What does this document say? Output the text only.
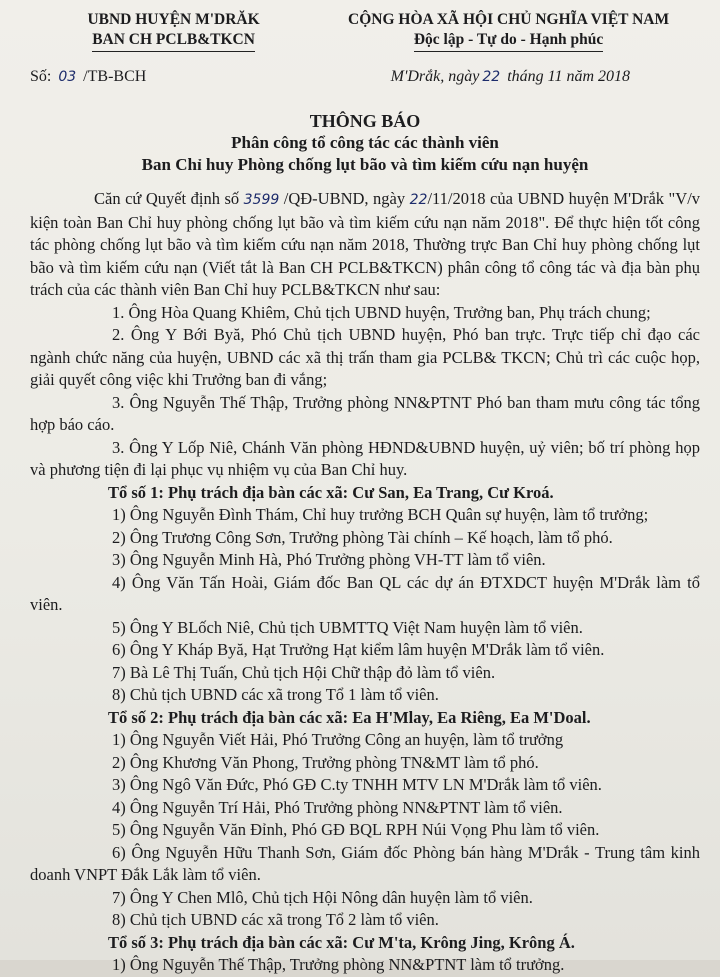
UBND HUYỆN M'DRĂK
BAN CH PCLB&TKCN
CỘNG HÒA XÃ HỘI CHỦ NGHĨA VIỆT NAM
Độc lập - Tự do - Hạnh phúc
Số: 03 /TB-BCH	M'Drắk, ngày 22 tháng 11 năm 2018
THÔNG BÁO
Phân công tổ công tác các thành viên
Ban Chỉ huy Phòng chống lụt bão và tìm kiếm cứu nạn huyện

Căn cứ Quyết định số 3599 /QĐ-UBND, ngày 22/11/2018 của UBND huyện M'Drắk "V/v kiện toàn Ban Chỉ huy phòng chống lụt bão và tìm kiếm cứu nạn năm 2018". Để thực hiện tốt công tác phòng chống lụt bão và tìm kiếm cứu nạn năm 2018, Thường trực Ban Chỉ huy phòng chống lụt bão và tìm kiếm cứu nạn (Viết tắt là Ban CH PCLB&TKCN) phân công tổ công tác và địa bàn phụ trách của các thành viên Ban Chỉ huy PCLB&TKCN như sau:

1. Ông Hòa Quang Khiêm, Chủ tịch UBND huyện, Trưởng ban, Phụ trách chung;

2. Ông Y Bới Byă, Phó Chủ tịch UBND huyện, Phó ban trực. Trực tiếp chỉ đạo các ngành chức năng của huyện, UBND các xã thị trấn tham gia PCLB& TKCN; Chủ trì các cuộc họp, giải quyết công việc khi Trưởng ban đi vắng;

3. Ông Nguyễn Thế Thập, Trưởng phòng NN&PTNT Phó ban tham mưu công tác tổng hợp báo cáo.

3. Ông Y Lốp Niê, Chánh Văn phòng HĐND&UBND huyện, uỷ viên; bố trí phòng họp và phương tiện đi lại phục vụ nhiệm vụ của Ban Chỉ huy.

Tổ số 1: Phụ trách địa bàn các xã: Cư San, Ea Trang, Cư Kroá.

1) Ông Nguyễn Đình Thám, Chỉ huy trưởng BCH Quân sự huyện, làm tổ trưởng;

2) Ông Trương Công Sơn, Trưởng phòng Tài chính – Kế hoạch, làm tổ phó.

3) Ông Nguyễn Minh Hà, Phó Trưởng phòng VH-TT làm tổ viên.

4) Ông Văn Tấn Hoài, Giám đốc Ban QL các dự án ĐTXDCT huyện M'Drắk làm tổ viên.

5) Ông Y BLốch Niê, Chủ tịch UBMTTQ Việt Nam huyện làm tổ viên.

6) Ông Y Kháp Byă, Hạt Trưởng Hạt kiểm lâm huyện M'Drắk làm tổ viên.

7) Bà Lê Thị Tuấn, Chủ tịch Hội Chữ thập đỏ làm tổ viên.

8) Chủ tịch UBND các xã trong Tổ 1 làm tổ viên.

Tổ số 2: Phụ trách địa bàn các xã: Ea H'Mlay, Ea Riêng, Ea M'Doal.

1) Ông Nguyễn Viết Hải, Phó Trưởng Công an huyện, làm tổ trưởng

2) Ông Khương Văn Phong, Trưởng phòng TN&MT làm tổ phó.

3) Ông Ngô Văn Đức, Phó GĐ C.ty TNHH MTV LN M'Drắk làm tổ viên.

4) Ông Nguyễn Trí Hải, Phó Trưởng phòng NN&PTNT làm tổ viên.

5) Ông Nguyễn Văn Đỉnh, Phó GĐ BQL RPH Núi Vọng Phu làm tổ viên.

6) Ông Nguyễn Hữu Thanh Sơn, Giám đốc Phòng bán hàng M'Drắk - Trung tâm kinh doanh VNPT Đắk Lắk làm tổ viên.

7) Ông Y Chen Mlô, Chủ tịch Hội Nông dân huyện làm tổ viên.

8) Chủ tịch UBND các xã trong Tổ 2 làm tổ viên.

Tổ số 3: Phụ trách địa bàn các xã: Cư M'ta, Krông Jing, Krông Á.

1) Ông Nguyễn Thế Thập, Trưởng phòng NN&PTNT làm tổ trưởng.
